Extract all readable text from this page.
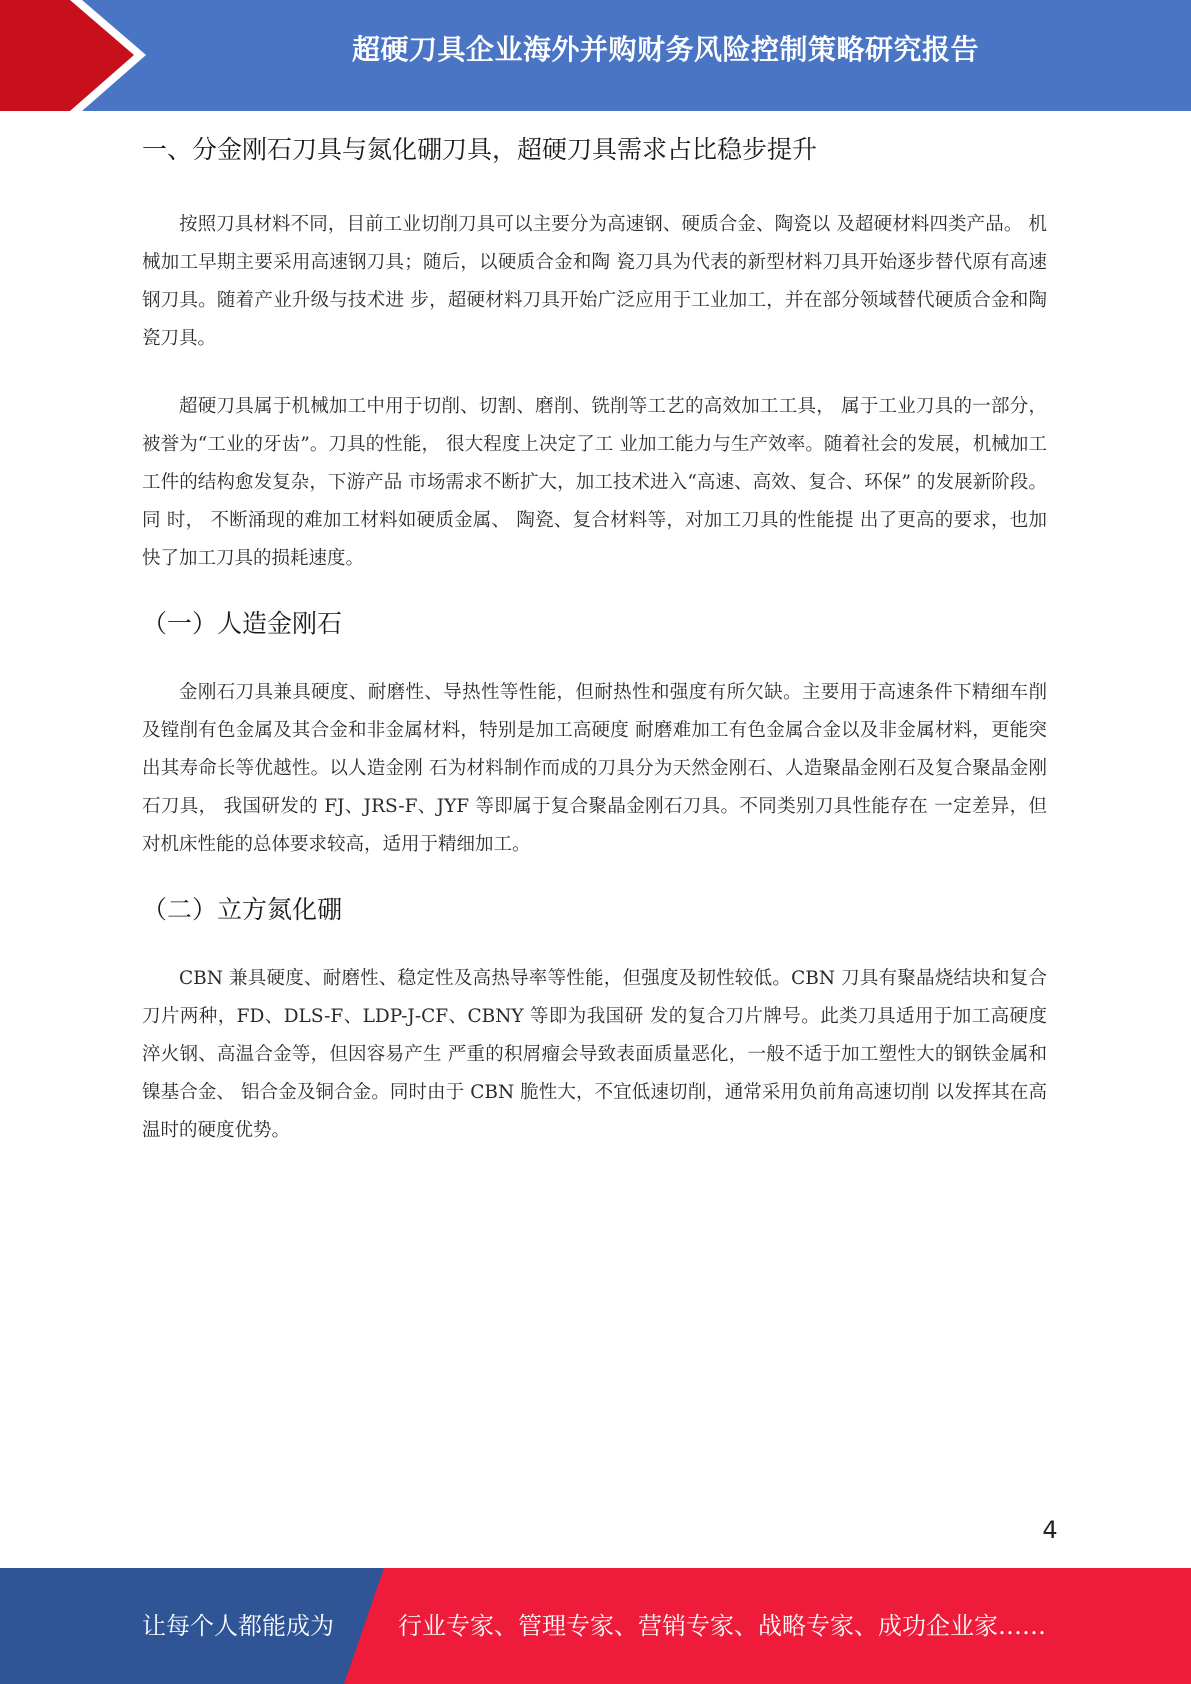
超硬刀具企业海外并购财务风险控制策略研究报告
一、分金刚石刀具与氮化硼刀具，超硬刀具需求占比稳步提升

按照刀具材料不同，目前工业切削刀具可以主要分为高速钢、硬质合金、陶瓷以 及超硬材料四类产品。 机械加工早期主要采用高速钢刀具；随后，以硬质合金和陶 瓷刀具为代表的新型材料刀具开始逐步替代原有高速钢刀具。随着产业升级与技术进 步，超硬材料刀具开始广泛应用于工业加工，并在部分领域替代硬质合金和陶瓷刀具。

超硬刀具属于机械加工中用于切削、切割、磨削、铣削等工艺的高效加工工具， 属于工业刀具的一部分，被誉为“工业的牙齿”。刀具的性能， 很大程度上决定了工 业加工能力与生产效率。随着社会的发展，机械加工工件的结构愈发复杂，下游产品 市场需求不断扩大，加工技术进入“高速、高效、复合、环保” 的发展新阶段。同 时， 不断涌现的难加工材料如硬质金属、 陶瓷、复合材料等，对加工刀具的性能提 出了更高的要求，也加快了加工刀具的损耗速度。

（一）人造金刚石

金刚石刀具兼具硬度、耐磨性、导热性等性能，但耐热性和强度有所欠缺。主要用于高速条件下精细车削及镗削有色金属及其合金和非金属材料，特别是加工高硬度 耐磨难加工有色金属合金以及非金属材料，更能突出其寿命长等优越性。以人造金刚 石为材料制作而成的刀具分为天然金刚石、人造聚晶金刚石及复合聚晶金刚石刀具， 我国研发的 FJ、JRS-F、JYF 等即属于复合聚晶金刚石刀具。不同类别刀具性能存在 一定差异，但对机床性能的总体要求较高，适用于精细加工。

（二）立方氮化硼

CBN 兼具硬度、耐磨性、稳定性及高热导率等性能，但强度及韧性较低。CBN 刀具有聚晶烧结块和复合刀片两种，FD、DLS-F、LDP-J-CF、CBNY 等即为我国研 发的复合刀片牌号。此类刀具适用于加工高硬度淬火钢、高温合金等，但因容易产生 严重的积屑瘤会导致表面质量恶化，一般不适于加工塑性大的钢铁金属和镍基合金、 铝合金及铜合金。同时由于 CBN 脆性大，不宜低速切削，通常采用负前角高速切削 以发挥其在高温时的硬度优势。

4
让每个人都能成为	行业专家、管理专家、营销专家、战略专家、成功企业家……
